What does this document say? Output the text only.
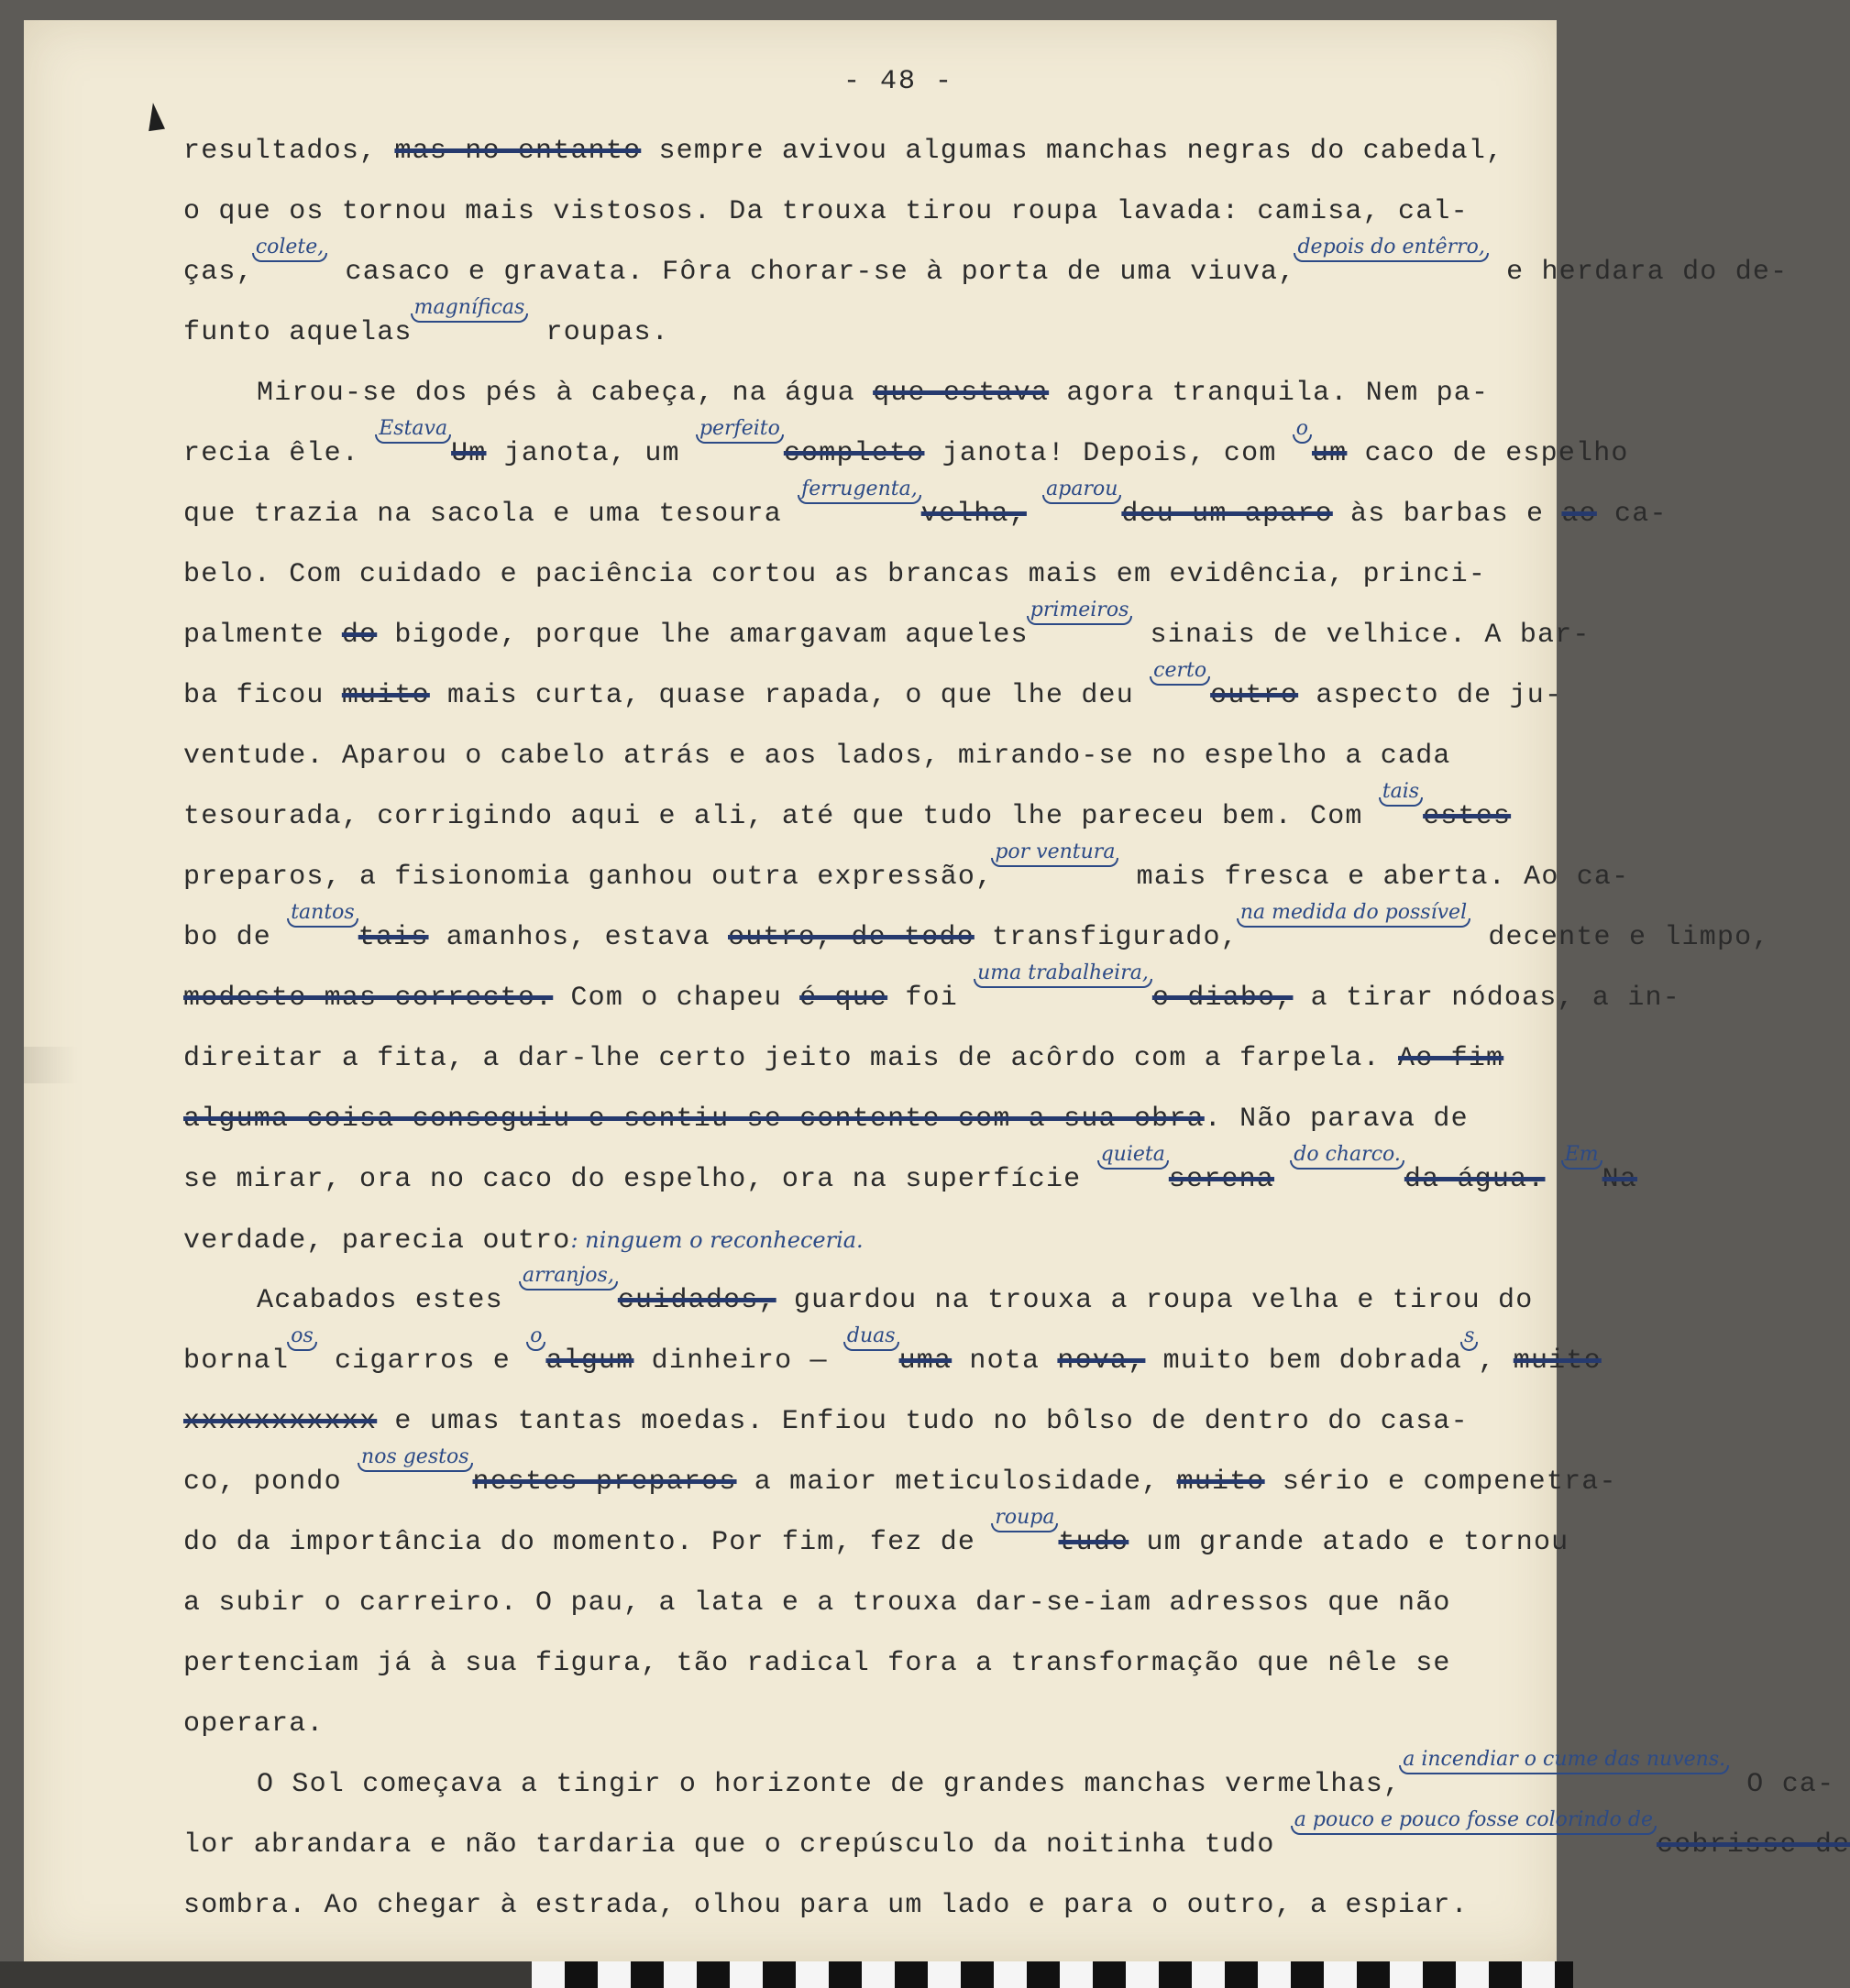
- 48 -
resultados, mas no entanto sempre avivou algumas manchas negras do cabedal,
o que os tornou mais vistosos. Da trouxa tirou roupa lavada: camisa, cal-
ças,colete, casaco e gravata. Fôra chorar-se à porta de uma viuva,depois do entêrro, e herdara do de-
funto aquelasmagníficas roupas.
Mirou-se dos pés à cabeça, na água que estava agora tranquila. Nem pa-
recia êle. EstavaUm janota, um perfeitocompleto janota! Depois, com oum caco de espelho
que trazia na sacola e uma tesoura ferrugenta,velha, aparoudeu um aparo às barbas e ao ca-
belo. Com cuidado e paciência cortou as brancas mais em evidência, princi-
palmente do bigode, porque lhe amargavam aquelesprimeiros sinais de velhice. A bar-
ba ficou muito mais curta, quase rapada, o que lhe deu certooutro aspecto de ju-
ventude. Aparou o cabelo atrás e aos lados, mirando-se no espelho a cada
tesourada, corrigindo aqui e ali, até que tudo lhe pareceu bem. Com taisestes
preparos, a fisionomia ganhou outra expressão,por ventura mais fresca e aberta. Ao ca-
bo de tantostais amanhos, estava outro, de todo transfigurado,na medida do possível decente e limpo,
modesto mas correcto. Com o chapeu é que foi uma trabalheira,o diabo, a tirar nódoas, a in-
direitar a fita, a dar-lhe certo jeito mais de acôrdo com a farpela. Ao fim
alguma coisa conseguiu e sentiu-se contente com a sua obra. Não parava de
se mirar, ora no caco do espelho, ora na superfície quietaserena do charco.da água. EmNa
verdade, parecia outro: ninguem o reconheceria.
Acabados estes arranjos,cuidados, guardou na trouxa a roupa velha e tirou do
bornalos cigarros e oalgum dinheiro — duasuma nota nova, muito bem dobradas, muito
xxxxxxxxxxx e umas tantas moedas. Enfiou tudo no bôlso de dentro do casa-
co, pondo nos gestosnestes preparos a maior meticulosidade, muito sério e compenetra-
do da importância do momento. Por fim, fez de roupatudo um grande atado e tornou
a subir o carreiro. O pau, a lata e a trouxa dar-se-iam adressos que não
pertenciam já à sua figura, tão radical fora a transformação que nêle se
operara.
O Sol começava a tingir o horizonte de grandes manchas vermelhas,a incendiar o cume das nuvens. O ca-
lor abrandara e não tardaria que o crepúsculo da noitinha tudo a pouco e pouco fosse colorindo decobrisse de
sombra. Ao chegar à estrada, olhou para um lado e para o outro, a espiar.
